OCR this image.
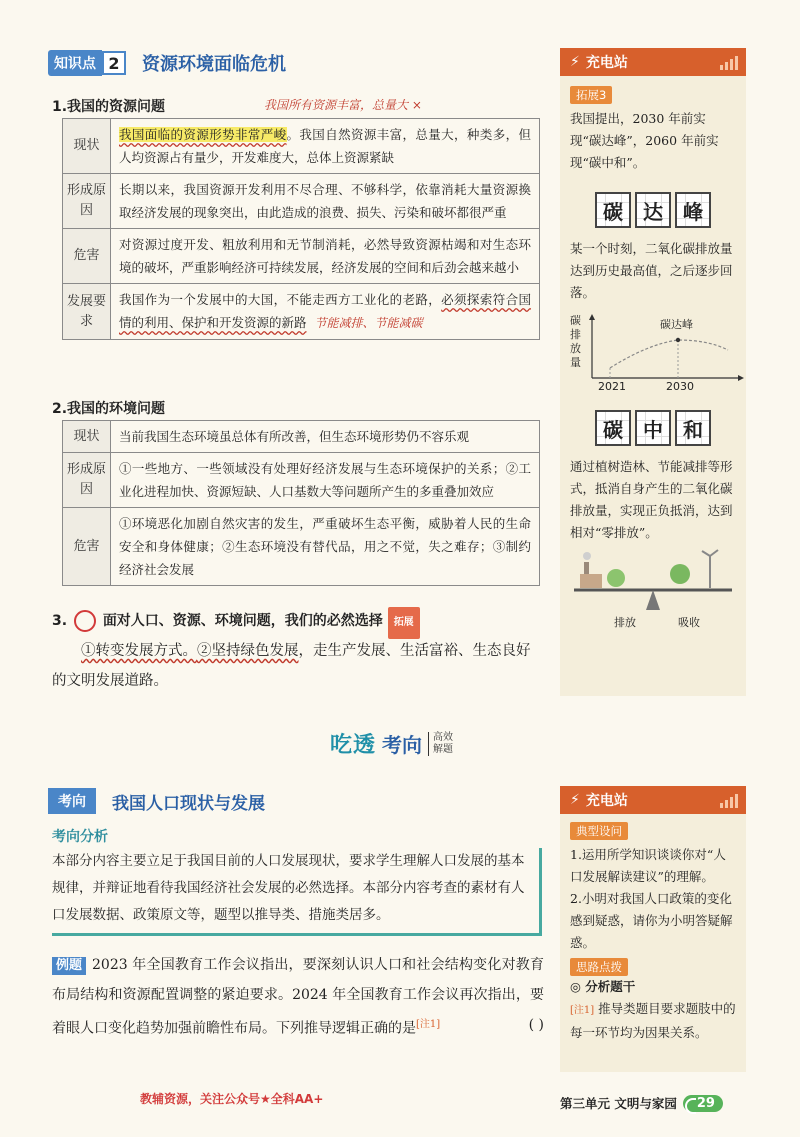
知识点 2	资源环境面临危机
1.我国的资源问题	我国所有资源丰富，总量大 ×
现状	我国面临的资源形势非常严峻。我国自然资源丰富，总量大，种类多，但人均资源占有量少，开发难度大，总体上资源紧缺
形成原因	长期以来，我国资源开发利用不尽合理、不够科学，依靠消耗大量资源換取经济发展的现象突出，由此造成的浪费、损失、污染和破坏都很严重
危害	对资源过度开发、粗放利用和无节制消耗，必然导致资源枯竭和对生态环境的破坏，严重影响经济可持续发展，经济发展的空间和后劲会越来越小
发展要求	我国作为一个发展中的大国，不能走西方工业化的老路，必须探索符合国情的利用、保护和开发资源的新路 节能减排、节能减碳
2.我国的环境问题
现状	当前我国生态环境虽总体有所改善，但生态环境形势仍不容乐观
形成原因	①一些地方、一些领域没有处理好经济发展与生态环境保护的关系；②工业化进程加快、资源短缺、人口基数大等问题所产生的多重叠加效应
危害	①环境恶化加剧自然灾害的发生，严重破坏生态平衡，威胁着人民的生命安全和身体健康；②生态环境没有替代品，用之不觉，失之难存；③制约经济社会发展
3.	面对人口、资源、环境问题，我们的必然选择 拓展
①转变发展方式。②坚持绿色发展，走生产发展、生活富裕、生态良好的文明发展道路。
⚡ 充电站
拓展3
我国提出，2030 年前实现“碳达峰”，2060 年前实现“碳中和”。
碳	达	峰
某一个时刻，二氧化碳排放量达到历史最高值，之后逐步回落。
碳排放量
碳达峰
2021	2030
碳	中	和
通过植树造林、节能减排等形式，抵消自身产生的二氧化碳排放量，实现正负抵消，达到相对“零排放”。
排放	吸收
吃透 考向	高效
解题
考向	我国人口现状与发展
考向分析
本部分内容主要立足于我国目前的人口发展现状，要求学生理解人口发展的基本规律，并辩证地看待我国经济社会发展的必然选择。本部分内容考查的素材有人口发展数据、政策原文等，题型以推导类、措施类居多。
例题 2023 年全国教育工作会议指出，要深刻认识人口和社会结构变化对教育布局结构和资源配置调整的紧迫要求。2024 年全国教育工作会议再次指出，要着眼人口变化趋势加强前瞻性布局。下列推导逻辑正确的是[注1]	( )
⚡ 充电站
典型设问
1.运用所学知识谈谈你对“人口发展解读建议”的理解。
2.小明对我国人口政策的变化感到疑惑，请你为小明答疑解惑。
思路点拨
◎ 分析题干
[注1] 推导类题目要求题肢中的每一环节均为因果关系。
教辅资源，关注公众号★全科AA+	第三单元 文明与家园	29
